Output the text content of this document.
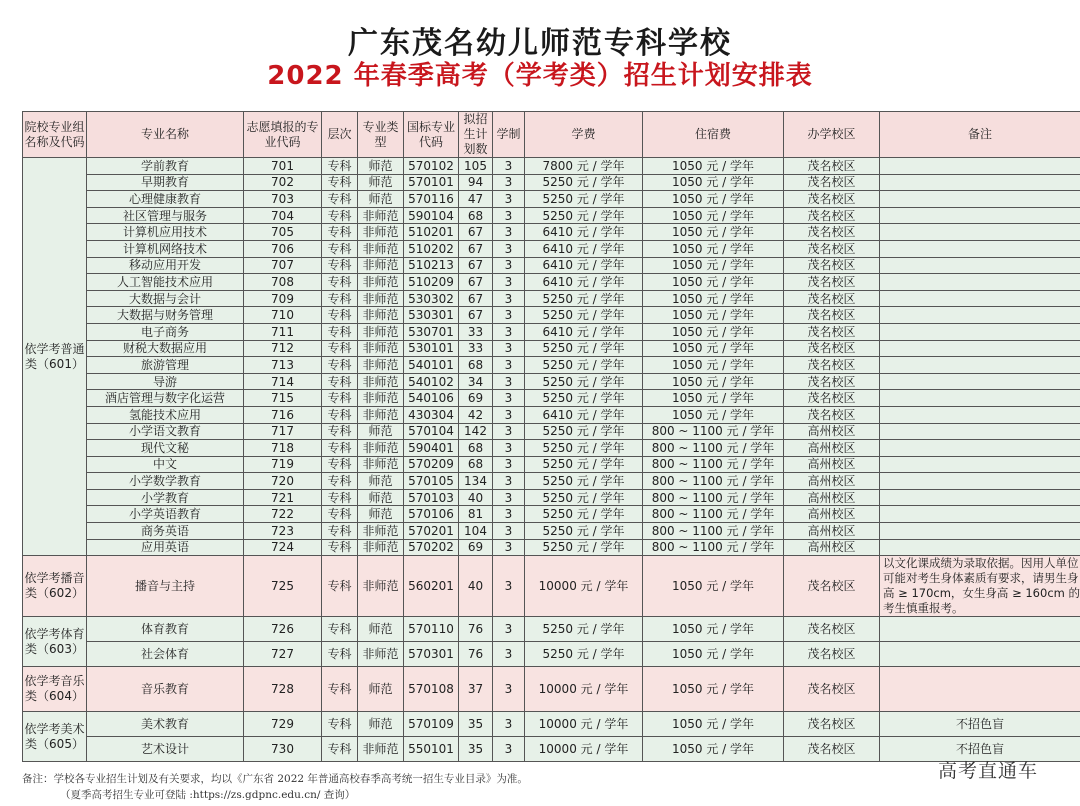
广东茂名幼儿师范专科学校
2022 年春季高考（学考类）招生计划安排表
院校专业组名称及代码	专业名称	志愿填报的专业代码	层次	专业类型	国标专业代码	拟招生计划数	学制	学费	住宿费	办学校区	备注
依学考普通类（601）	学前教育	701	专科	师范	570102	105	3	7800 元 / 学年	1050 元 / 学年	茂名校区	
	早期教育	702	专科	师范	570101	94	3	5250 元 / 学年	1050 元 / 学年	茂名校区	
	心理健康教育	703	专科	师范	570116	47	3	5250 元 / 学年	1050 元 / 学年	茂名校区	
	社区管理与服务	704	专科	非师范	590104	68	3	5250 元 / 学年	1050 元 / 学年	茂名校区	
	计算机应用技术	705	专科	非师范	510201	67	3	6410 元 / 学年	1050 元 / 学年	茂名校区	
	计算机网络技术	706	专科	非师范	510202	67	3	6410 元 / 学年	1050 元 / 学年	茂名校区	
	移动应用开发	707	专科	非师范	510213	67	3	6410 元 / 学年	1050 元 / 学年	茂名校区	
	人工智能技术应用	708	专科	非师范	510209	67	3	6410 元 / 学年	1050 元 / 学年	茂名校区	
	大数据与会计	709	专科	非师范	530302	67	3	5250 元 / 学年	1050 元 / 学年	茂名校区	
	大数据与财务管理	710	专科	非师范	530301	67	3	5250 元 / 学年	1050 元 / 学年	茂名校区	
	电子商务	711	专科	非师范	530701	33	3	6410 元 / 学年	1050 元 / 学年	茂名校区	
	财税大数据应用	712	专科	非师范	530101	33	3	5250 元 / 学年	1050 元 / 学年	茂名校区	
	旅游管理	713	专科	非师范	540101	68	3	5250 元 / 学年	1050 元 / 学年	茂名校区	
	导游	714	专科	非师范	540102	34	3	5250 元 / 学年	1050 元 / 学年	茂名校区	
	酒店管理与数字化运营	715	专科	非师范	540106	69	3	5250 元 / 学年	1050 元 / 学年	茂名校区	
	氢能技术应用	716	专科	非师范	430304	42	3	6410 元 / 学年	1050 元 / 学年	茂名校区	
	小学语文教育	717	专科	师范	570104	142	3	5250 元 / 学年	800 ~ 1100 元 / 学年	高州校区	
	现代文秘	718	专科	非师范	590401	68	3	5250 元 / 学年	800 ~ 1100 元 / 学年	高州校区	
	中文	719	专科	非师范	570209	68	3	5250 元 / 学年	800 ~ 1100 元 / 学年	高州校区	
	小学数学教育	720	专科	师范	570105	134	3	5250 元 / 学年	800 ~ 1100 元 / 学年	高州校区	
	小学教育	721	专科	师范	570103	40	3	5250 元 / 学年	800 ~ 1100 元 / 学年	高州校区	
	小学英语教育	722	专科	师范	570106	81	3	5250 元 / 学年	800 ~ 1100 元 / 学年	高州校区	
	商务英语	723	专科	非师范	570201	104	3	5250 元 / 学年	800 ~ 1100 元 / 学年	高州校区	
	应用英语	724	专科	非师范	570202	69	3	5250 元 / 学年	800 ~ 1100 元 / 学年	高州校区	
依学考播音类（602）	播音与主持	725	专科	非师范	560201	40	3	10000 元 / 学年	1050 元 / 学年	茂名校区	以文化课成绩为录取依据。因用人单位可能对考生身体素质有要求，请男生身高 ≥ 170cm，女生身高 ≥ 160cm 的考生慎重报考。
依学考体育类（603）	体育教育	726	专科	师范	570110	76	3	5250 元 / 学年	1050 元 / 学年	茂名校区	
	社会体育	727	专科	非师范	570301	76	3	5250 元 / 学年	1050 元 / 学年	茂名校区	
依学考音乐类（604）	音乐教育	728	专科	师范	570108	37	3	10000 元 / 学年	1050 元 / 学年	茂名校区	
依学考美术类（605）	美术教育	729	专科	师范	570109	35	3	10000 元 / 学年	1050 元 / 学年	茂名校区	不招色盲
	艺术设计	730	专科	非师范	550101	35	3	10000 元 / 学年	1050 元 / 学年	茂名校区	不招色盲
备注：学校各专业招生计划及有关要求，均以《广东省 2022 年普通高校春季高考统一招生专业目录》为准。
（夏季高考招生专业可登陆 :https://zs.gdpnc.edu.cn/ 查询）
高考直通车
